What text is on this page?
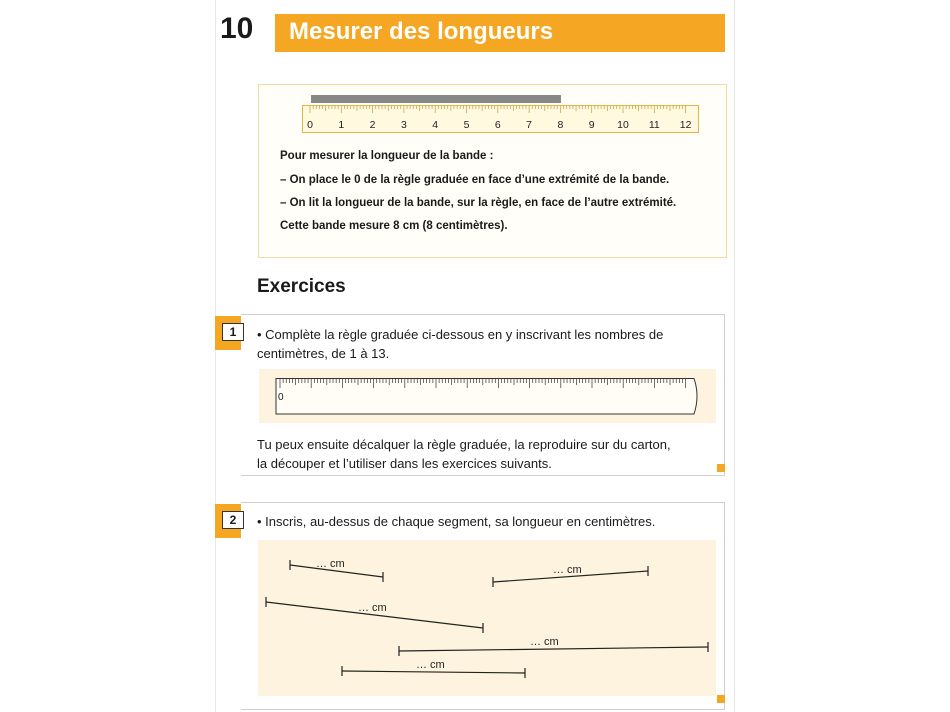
10 Mesurer des longueurs
0 1 2 3 4 5 6 7 8 9 10 11 12
Pour mesurer la longueur de la bande :
– On place le 0 de la règle graduée en face d’une extrémité de la bande.
– On lit la longueur de la bande, sur la règle, en face de l’autre extrémité.
Cette bande mesure 8 cm (8 centimètres).
Exercices
1	• Complète la règle graduée ci-dessous en y inscrivant les nombres de
centimètres, de 1 à 13.
0
Tu peux ensuite décalquer la règle graduée, la reproduire sur du carton,
la découper et l’utiliser dans les exercices suivants.
2	• Inscris, au-dessus de chaque segment, sa longueur en centimètres.
… cm	… cm
… cm
… cm
… cm
